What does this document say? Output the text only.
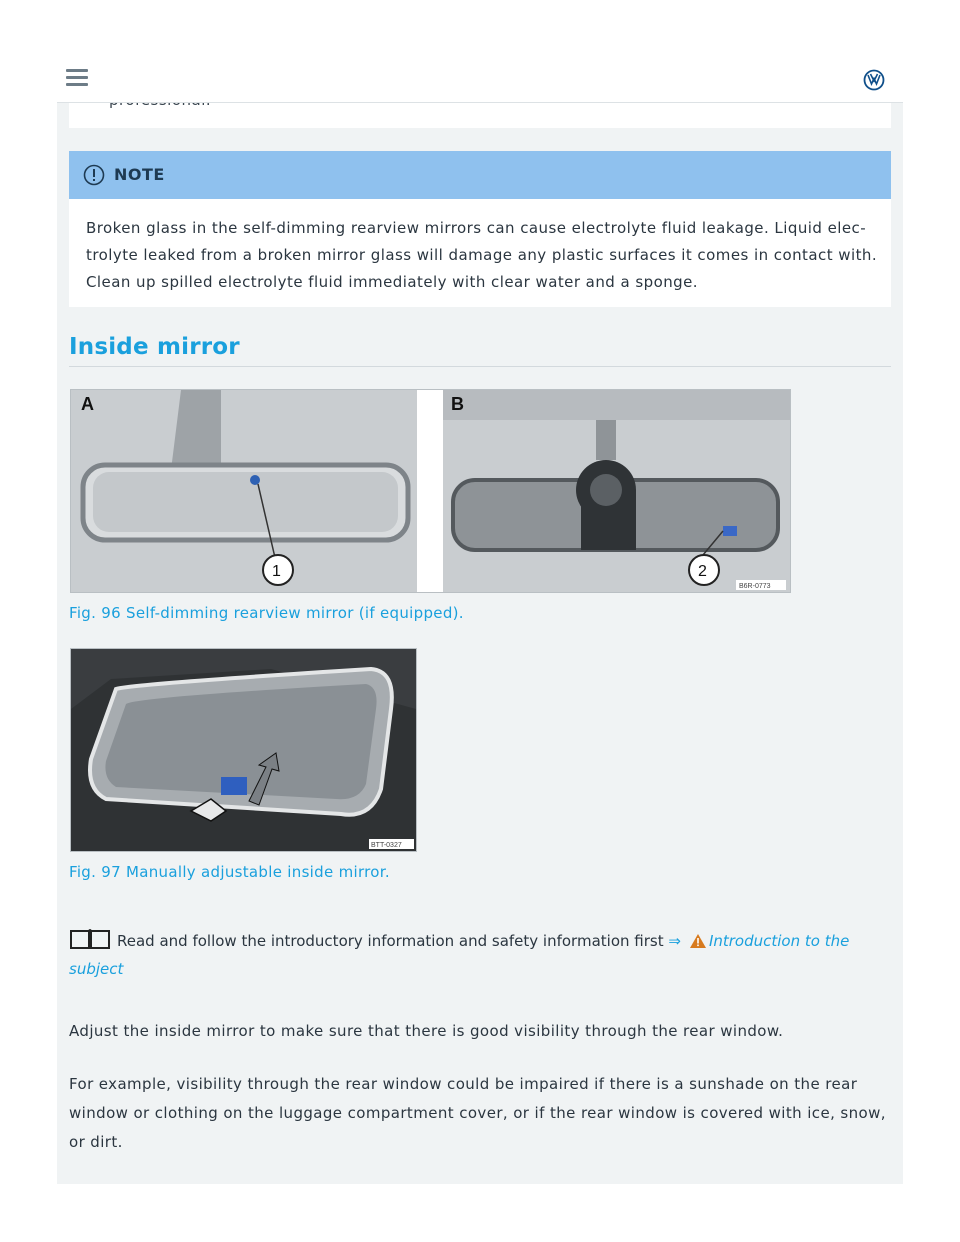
NOTE
Broken glass in the self-dimming rearview mirrors can cause electrolyte fluid leakage. Liquid elec- trolyte leaked from a broken mirror glass will damage any plastic surfaces it comes in contact with. Clean up spilled electrolyte fluid immediately with clear water and a sponge.
Inside mirror
A	B
1	2
B6R-0773
Fig. 96 Self-dimming rearview mirror (if equipped).
BTT-0327
Fig. 97 Manually adjustable inside mirror.
Read and follow the introductory information and safety information first ⇒ Introduction to the subject
Adjust the inside mirror to make sure that there is good visibility through the rear window.
For example, visibility through the rear window could be impaired if there is a sunshade on the rear window or clothing on the luggage compartment cover, or if the rear window is covered with ice, snow, or dirt.
